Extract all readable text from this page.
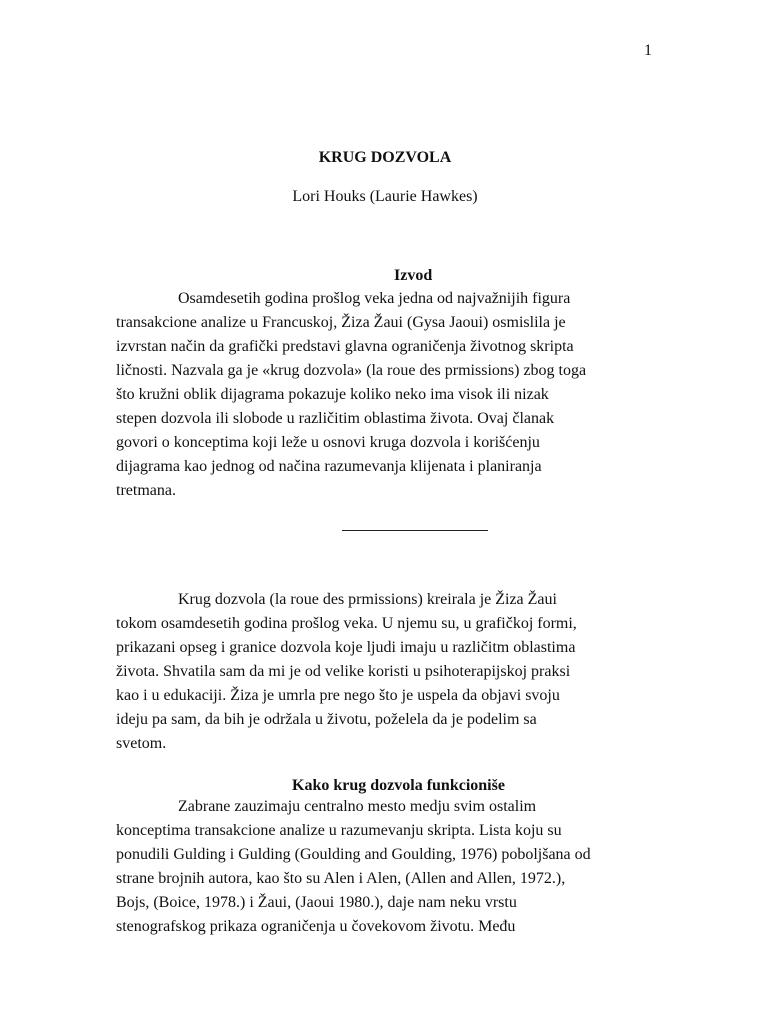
1
KRUG DOZVOLA
Lori Houks (Laurie Hawkes)
Izvod
Osamdesetih godina prošlog veka jedna od najvažnijih figura
transakcione analize u Francuskoj, Žiza Žaui (Gysa Jaoui) osmislila je
izvrstan način da grafički predstavi glavna ograničenja životnog skripta
ličnosti. Nazvala ga je «krug dozvola» (la roue des prmissions) zbog toga
što kružni oblik dijagrama pokazuje koliko neko ima visok ili nizak
stepen dozvola ili slobode u različitim oblastima života. Ovaj članak
govori o konceptima koji leže u osnovi kruga dozvola i korišćenju
dijagrama kao jednog od načina razumevanja klijenata i planiranja
tretmana.
Krug dozvola (la roue des prmissions) kreirala je Žiza Žaui
tokom osamdesetih godina prošlog veka. U njemu su, u grafičkoj formi,
prikazani opseg i granice dozvola koje ljudi imaju u različitm oblastima
života. Shvatila sam da mi je od velike koristi u psihoterapijskoj praksi
kao i u edukaciji. Žiza je umrla pre nego što je uspela da objavi svoju
ideju pa sam, da bih je održala u životu, poželela da je podelim sa
svetom.
Kako krug dozvola funkcioniše
Zabrane zauzimaju centralno mesto medju svim ostalim
konceptima transakcione analize u razumevanju skripta. Lista koju su
ponudili Gulding i Gulding (Goulding and Goulding, 1976) poboljšana od
strane brojnih autora, kao što su Alen i Alen, (Allen and Allen, 1972.),
Bojs, (Boice, 1978.) i Žaui, (Jaoui 1980.), daje nam neku vrstu
stenografskog prikaza ograničenja u čovekovom životu. Među
